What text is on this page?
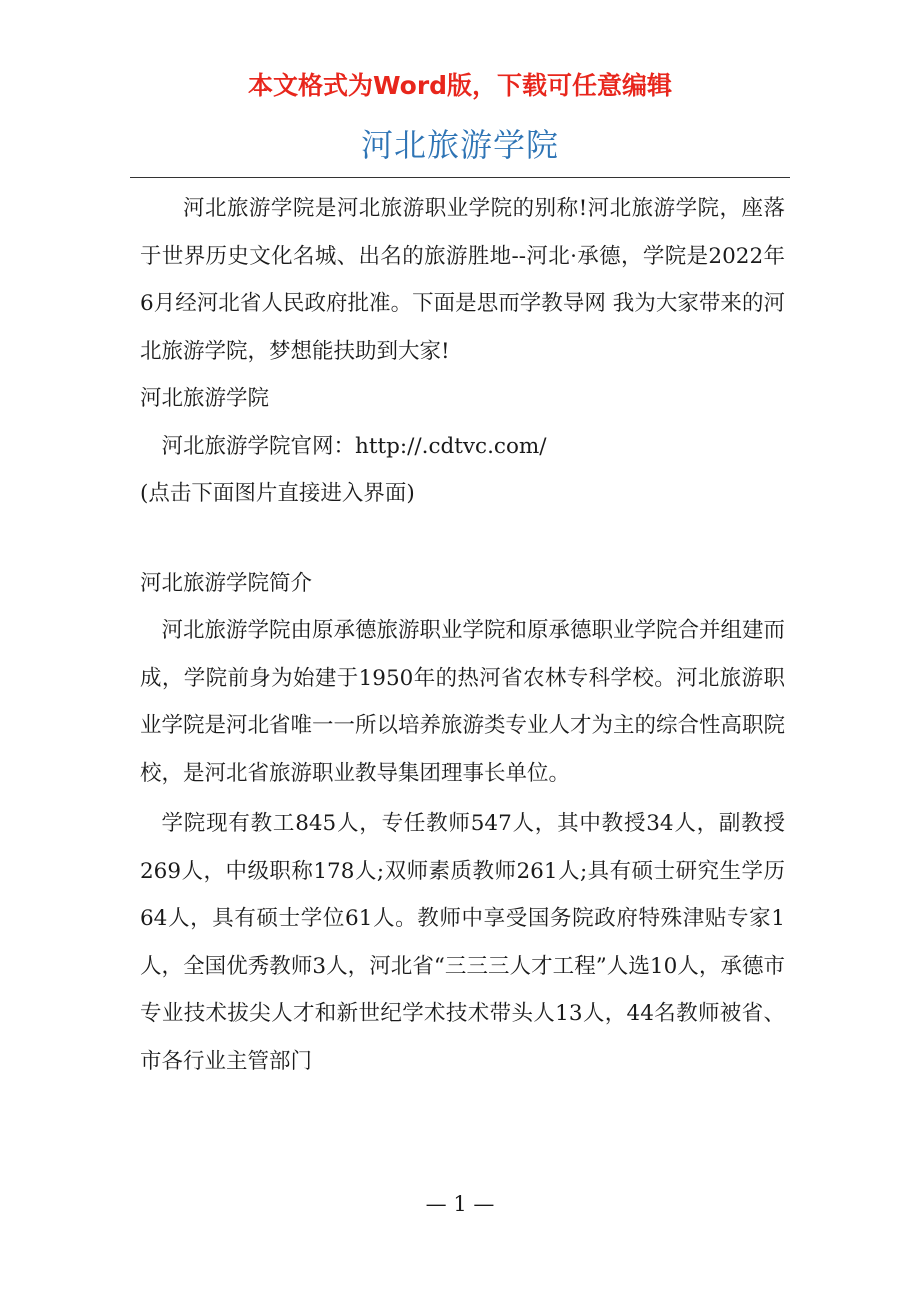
本文格式为Word版，下载可任意编辑
河北旅游学院

河北旅游学院是河北旅游职业学院的别称!河北旅游学院，座落于世界历史文化名城、出名的旅游胜地--河北·承德，学院是2022年6月经河北省人民政府批准。下面是思而学教导网 我为大家带来的河北旅游学院，梦想能扶助到大家!

河北旅游学院

河北旅游学院官网：http://.cdtvc.com/

(点击下面图片直接进入界面)

河北旅游学院简介

河北旅游学院由原承德旅游职业学院和原承德职业学院合并组建而成，学院前身为始建于1950年的热河省农林专科学校。河北旅游职业学院是河北省唯一一所以培养旅游类专业人才为主的综合性高职院校，是河北省旅游职业教导集团理事长单位。

学院现有教工845人，专任教师547人，其中教授34人，副教授269人，中级职称178人;双师素质教师261人;具有硕士研究生学历64人，具有硕士学位61人。教师中享受国务院政府特殊津贴专家1人，全国优秀教师3人，河北省“三三三人才工程”人选10人，承德市专业技术拔尖人才和新世纪学术技术带头人13人，44名教师被省、市各行业主管部门

— 1 —
